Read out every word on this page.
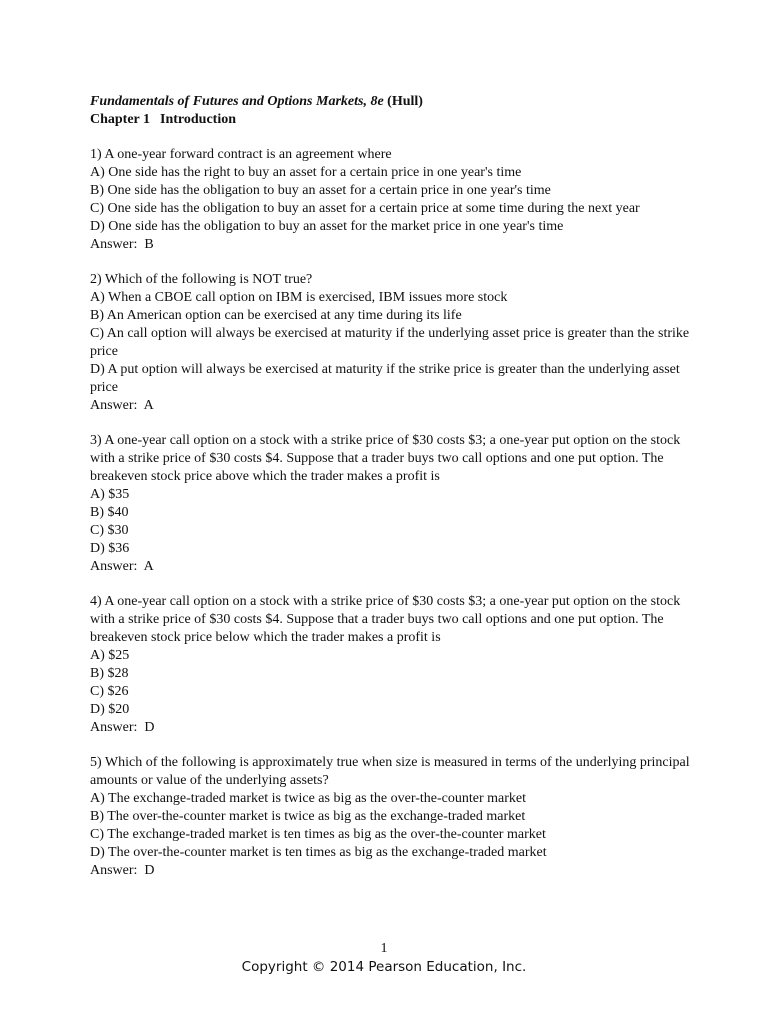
Fundamentals of Futures and Options Markets, 8e (Hull)
Chapter 1 Introduction
1) A one-year forward contract is an agreement where
A) One side has the right to buy an asset for a certain price in one year's time
B) One side has the obligation to buy an asset for a certain price in one year's time
C) One side has the obligation to buy an asset for a certain price at some time during the next year
D) One side has the obligation to buy an asset for the market price in one year's time
Answer:  B
2) Which of the following is NOT true?
A) When a CBOE call option on IBM is exercised, IBM issues more stock
B) An American option can be exercised at any time during its life
C) An call option will always be exercised at maturity if the underlying asset price is greater than the strike price
D) A put option will always be exercised at maturity if the strike price is greater than the underlying asset price
Answer:  A
3) A one-year call option on a stock with a strike price of $30 costs $3; a one-year put option on the stock with a strike price of $30 costs $4. Suppose that a trader buys two call options and one put option. The breakeven stock price above which the trader makes a profit is
A) $35
B) $40
C) $30
D) $36
Answer:  A
4) A one-year call option on a stock with a strike price of $30 costs $3; a one-year put option on the stock with a strike price of $30 costs $4. Suppose that a trader buys two call options and one put option. The breakeven stock price below which the trader makes a profit is
A) $25
B) $28
C) $26
D) $20
Answer:  D
5) Which of the following is approximately true when size is measured in terms of the underlying principal amounts or value of the underlying assets?
A) The exchange-traded market is twice as big as the over-the-counter market
B) The over-the-counter market is twice as big as the exchange-traded market
C) The exchange-traded market is ten times as big as the over-the-counter market
D) The over-the-counter market is ten times as big as the exchange-traded market
Answer:  D
1
Copyright © 2014 Pearson Education, Inc.
